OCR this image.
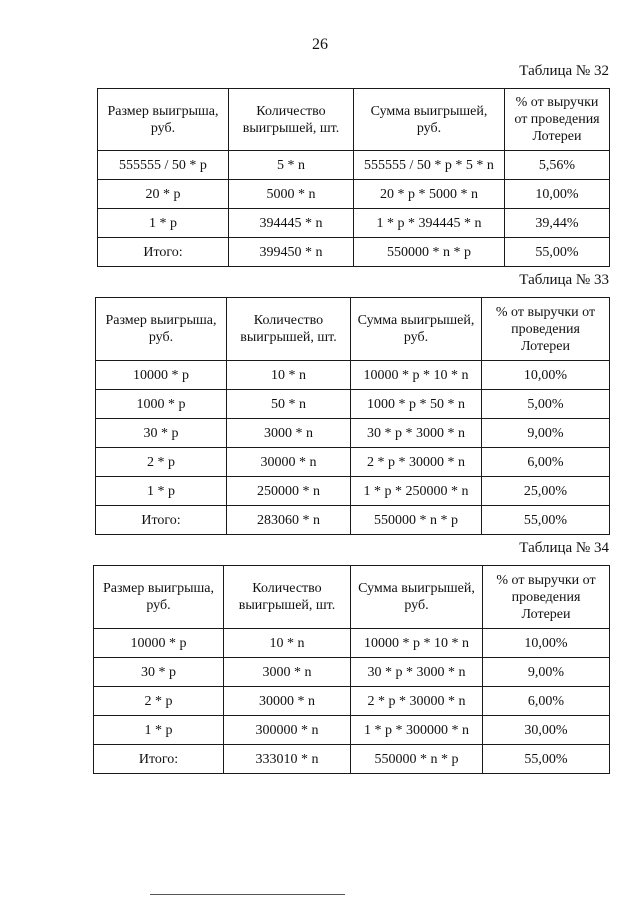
26
Таблица № 32
Размер выигрыша, руб.	Количество выигрышей, шт.	Сумма выигрышей, руб.	% от выручки от проведения Лотереи
555555 / 50 * p	5 * n	555555 / 50 * p * 5 * n	5,56%
20 * p	5000 * n	20 * p * 5000 * n	10,00%
1 * p	394445 * n	1 * p * 394445 * n	39,44%
Итого:	399450 * n	550000 * n * p	55,00%
Таблица № 33
Размер выигрыша, руб.	Количество выигрышей, шт.	Сумма выигрышей, руб.	% от выручки от проведения Лотереи
10000 * p	10 * n	10000 * p * 10 * n	10,00%
1000 * p	50 * n	1000 * p * 50 * n	5,00%
30 * p	3000 * n	30 * p * 3000 * n	9,00%
2 * p	30000 * n	2 * p * 30000 * n	6,00%
1 * p	250000 * n	1 * p * 250000 * n	25,00%
Итого:	283060 * n	550000 * n * p	55,00%
Таблица № 34
Размер выигрыша, руб.	Количество выигрышей, шт.	Сумма выигрышей, руб.	% от выручки от проведения Лотереи
10000 * p	10 * n	10000 * p * 10 * n	10,00%
30 * p	3000 * n	30 * p * 3000 * n	9,00%
2 * p	30000 * n	2 * p * 30000 * n	6,00%
1 * p	300000 * n	1 * p * 300000 * n	30,00%
Итого:	333010 * n	550000 * n * p	55,00%
